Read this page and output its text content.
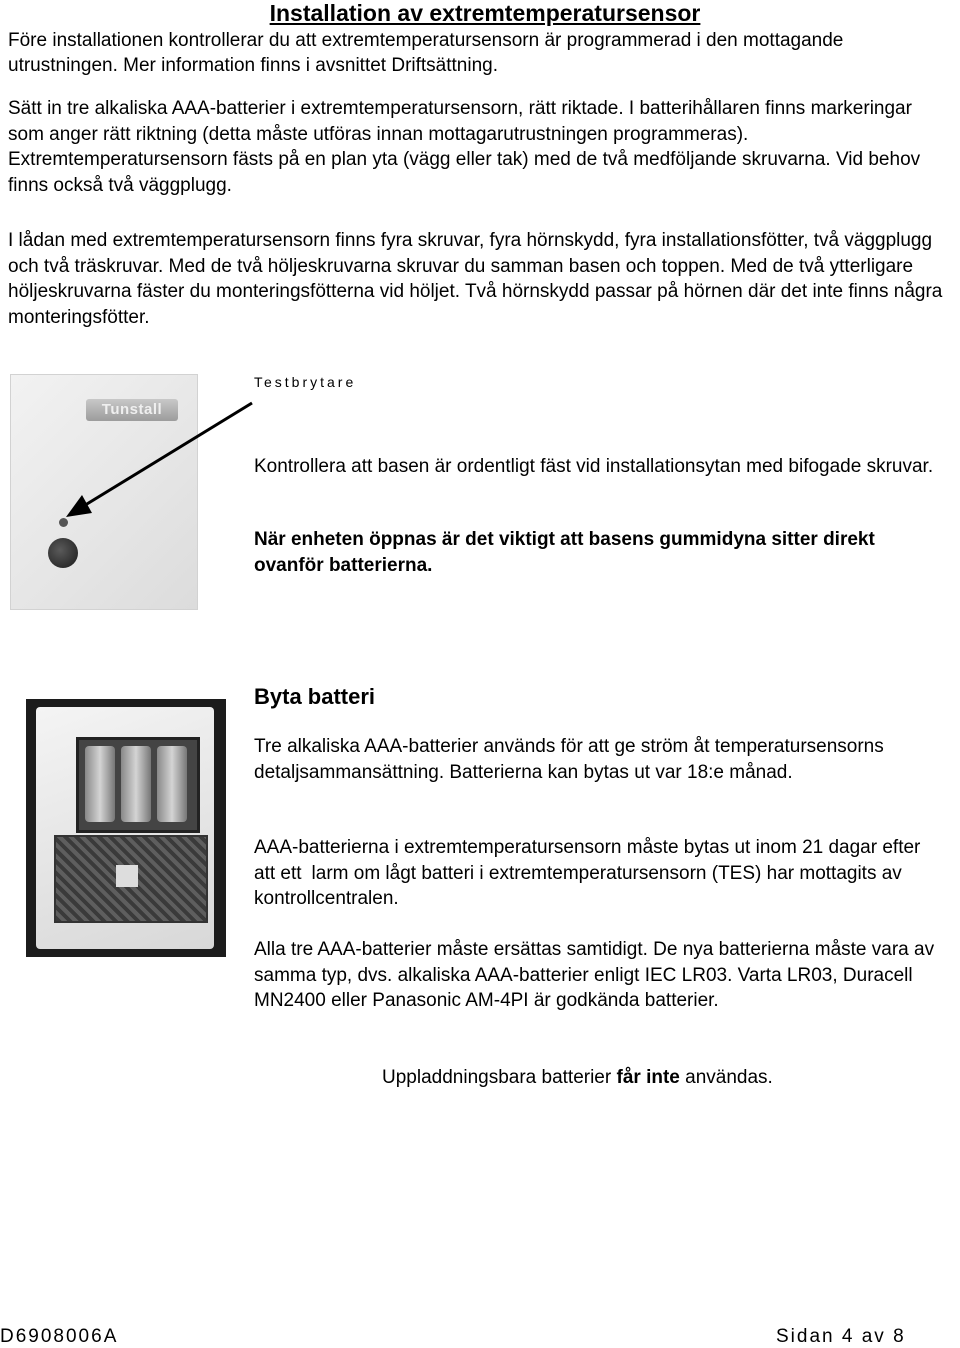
Installation av extremtemperatursensor
Före installationen kontrollerar du att extremtemperatursensorn är programmerad i den mottagande utrustningen. Mer information finns i avsnittet Driftsättning.
Sätt in tre alkaliska AAA-batterier i extremtemperatursensorn, rätt riktade. I batterihållaren finns markeringar som anger rätt riktning (detta måste utföras innan mottagarutrustningen programmeras). Extremtemperatursensorn fästs på en plan yta (vägg eller tak) med de två medföljande skruvarna. Vid behov finns också två väggplugg.
I lådan med extremtemperatursensorn finns fyra skruvar, fyra hörnskydd, fyra installationsfötter, två väggplugg och två träskruvar. Med de två höljeskruvarna skruvar du samman basen och toppen. Med de två ytterligare höljeskruvarna fäster du monteringsfötterna vid höljet. Två hörnskydd passar på hörnen där det inte finns några monteringsfötter.
Tunstall
Testbrytare
Kontrollera att basen är ordentligt fäst vid installationsytan med bifogade skruvar.
När enheten öppnas är det viktigt att basens gummidyna sitter direkt ovanför batterierna.
Byta batteri
Tre alkaliska AAA-batterier används för att ge ström åt temperatursensorns detaljsammansättning. Batterierna kan bytas ut var 18:e månad.
AAA-batterierna i extremtemperatursensorn måste bytas ut inom 21 dagar efter att ett larm om lågt batteri i extremtemperatursensorn (TES) har mottagits av kontrollcentralen.
Alla tre AAA-batterier måste ersättas samtidigt. De nya batterierna måste vara av samma typ, dvs. alkaliska AAA-batterier enligt IEC LR03. Varta LR03, Duracell MN2400 eller Panasonic AM-4PI är godkända batterier.
Uppladdningsbara batterier får inte användas.
D6908006A	Sidan 4 av 8
